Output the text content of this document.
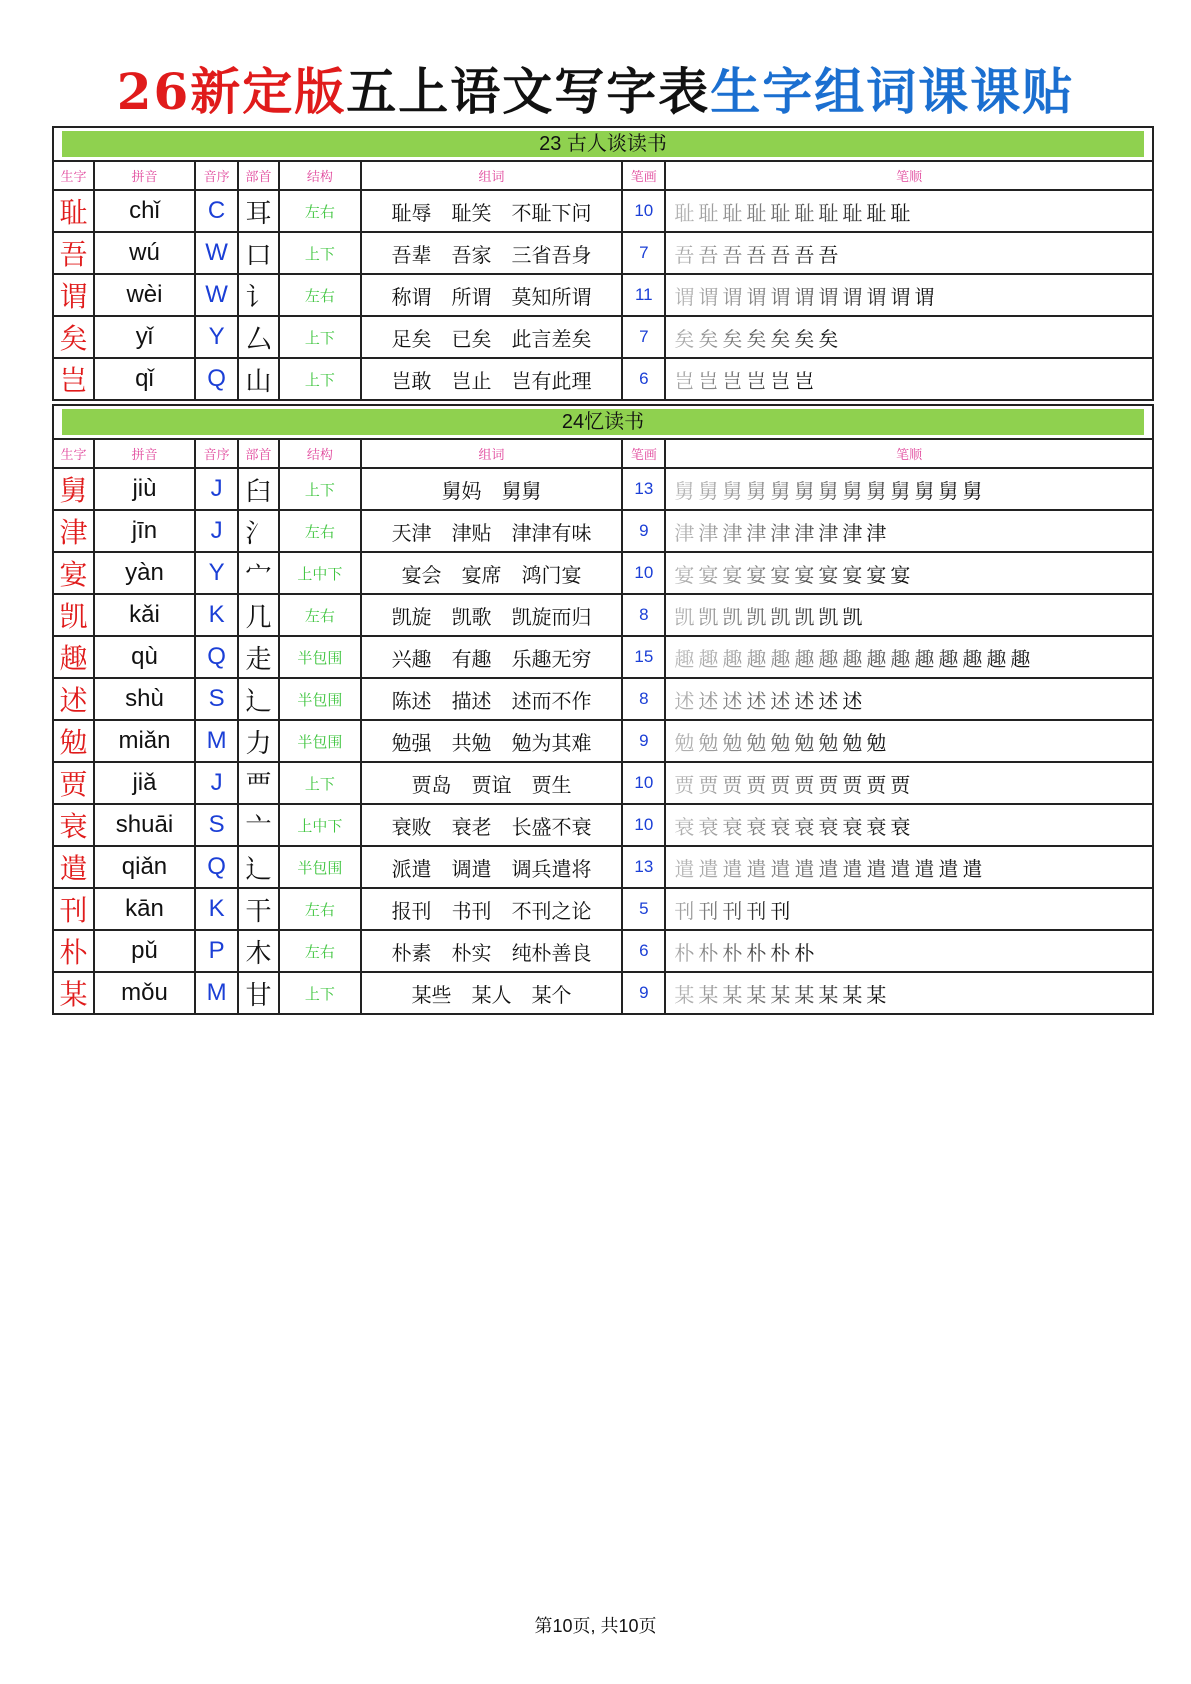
26新定版五上语文写字表生字组词课课贴
23 古人谈读书							

生字	拼音	音序	部首	结构	组词	笔画	笔顺
耻	chǐ	C	耳	左右	耻辱 耻笑 不耻下问	10	耻 耻 耻 耻 耻 耻 耻 耻 耻 耻
吾	wú	W	口	上下	吾辈 吾家 三省吾身	7	吾 吾 吾 吾 吾 吾 吾
谓	wèi	W	讠	左右	称谓 所谓 莫知所谓	11	谓 谓 谓 谓 谓 谓 谓 谓 谓 谓 谓
矣	yǐ	Y	厶	上下	足矣 已矣 此言差矣	7	矣 矣 矣 矣 矣 矣 矣
岂	qǐ	Q	山	上下	岂敢 岂止 岂有此理	6	岂 岂 岂 岂 岂 岂
24忆读书							

生字	拼音	音序	部首	结构	组词	笔画	笔顺
舅	jiù	J	臼	上下	舅妈 舅舅	13	舅 舅 舅 舅 舅 舅 舅 舅 舅 舅 舅 舅 舅
津	jīn	J	氵	左右	天津 津贴 津津有味	9	津 津 津 津 津 津 津 津 津
宴	yàn	Y	宀	上中下	宴会 宴席 鸿门宴	10	宴 宴 宴 宴 宴 宴 宴 宴 宴 宴
凯	kǎi	K	几	左右	凯旋 凯歌 凯旋而归	8	凯 凯 凯 凯 凯 凯 凯 凯
趣	qù	Q	走	半包围	兴趣 有趣 乐趣无穷	15	趣 趣 趣 趣 趣 趣 趣 趣 趣 趣 趣 趣 趣 趣 趣
述	shù	S	辶	半包围	陈述 描述 述而不作	8	述 述 述 述 述 述 述 述
勉	miǎn	M	力	半包围	勉强 共勉 勉为其难	9	勉 勉 勉 勉 勉 勉 勉 勉 勉
贾	jiǎ	J	覀	上下	贾岛 贾谊 贾生	10	贾 贾 贾 贾 贾 贾 贾 贾 贾 贾
衰	shuāi	S	亠	上中下	衰败 衰老 长盛不衰	10	衰 衰 衰 衰 衰 衰 衰 衰 衰 衰
遣	qiǎn	Q	辶	半包围	派遣 调遣 调兵遣将	13	遣 遣 遣 遣 遣 遣 遣 遣 遣 遣 遣 遣 遣
刊	kān	K	干	左右	报刊 书刊 不刊之论	5	刊 刊 刊 刊 刊
朴	pǔ	P	木	左右	朴素 朴实 纯朴善良	6	朴 朴 朴 朴 朴 朴
某	mǒu	M	甘	上下	某些 某人 某个	9	某 某 某 某 某 某 某 某 某
第10页, 共10页
